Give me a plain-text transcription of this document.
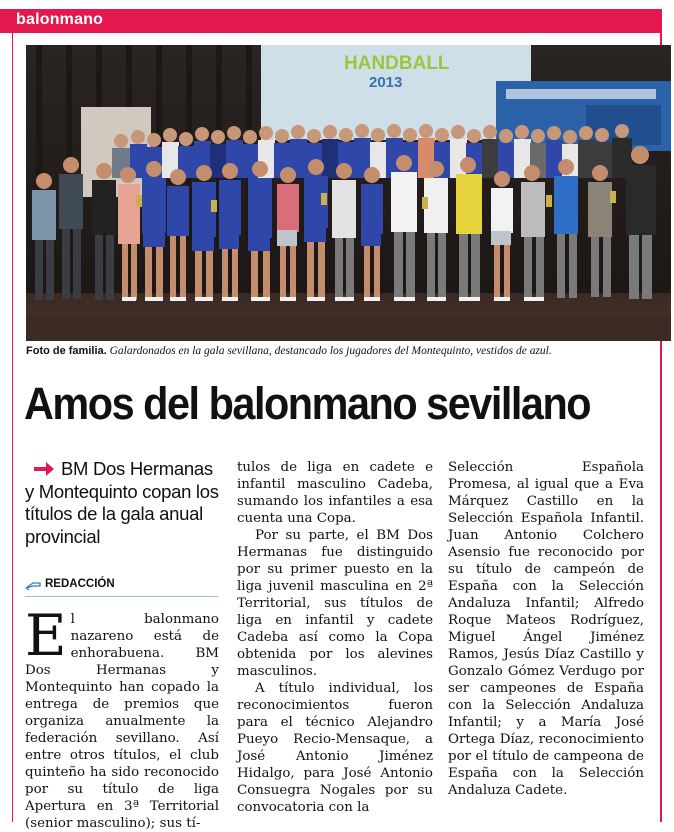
balonmano
HANDBALL
2013
Foto de familia. Galardonados en la gala sevillana, destancado los jugadores del Montequinto, vestidos de azul.
Amos del balonmano sevillano
BM Dos Hermanas y Montequinto copan los títulos de la gala anual provincial
REDACCIÓN
E l balonmano nazareno está de enhorabuena. BM Dos Hermanas y Montequinto han copado la entrega de premios que organiza anualmente la federación sevillano. Así entre otros títulos, el club quinteño ha sido reconocido por su título de liga Apertura en 3ª Territorial (senior masculino); sus tí-

tulos de liga en cadete e infantil masculino Cadeba, sumando los infantiles a esa cuenta una Copa.

Por su parte, el BM Dos Hermanas fue distinguido por su primer puesto en la liga juvenil masculina en 2ª Territorial, sus títulos de liga en infantil y cadete Cadeba así como la Copa obtenida por los alevines masculinos.

A título individual, los reconocimientos fueron para el técnico Alejandro Pueyo Recio-Mensaque, a José Antonio Jiménez Hidalgo, para José Antonio Consuegra Nogales por su convocatoria con la

Selección Española Promesa, al igual que a Eva Márquez Castillo en la Selección Española Infantil. Juan Antonio Colchero Asensio fue reconocido por su título de campeón de España con la Selección Andaluza Infantil; Alfredo Roque Mateos Rodríguez, Miguel Ángel Jiménez Ramos, Jesús Díaz Castillo y Gonzalo Gómez Verdugo por ser campeones de España con la Selección Andaluza Infantil; y a María José Ortega Díaz, reconocimiento por el título de campeona de España con la Selección Andaluza Cadete.
